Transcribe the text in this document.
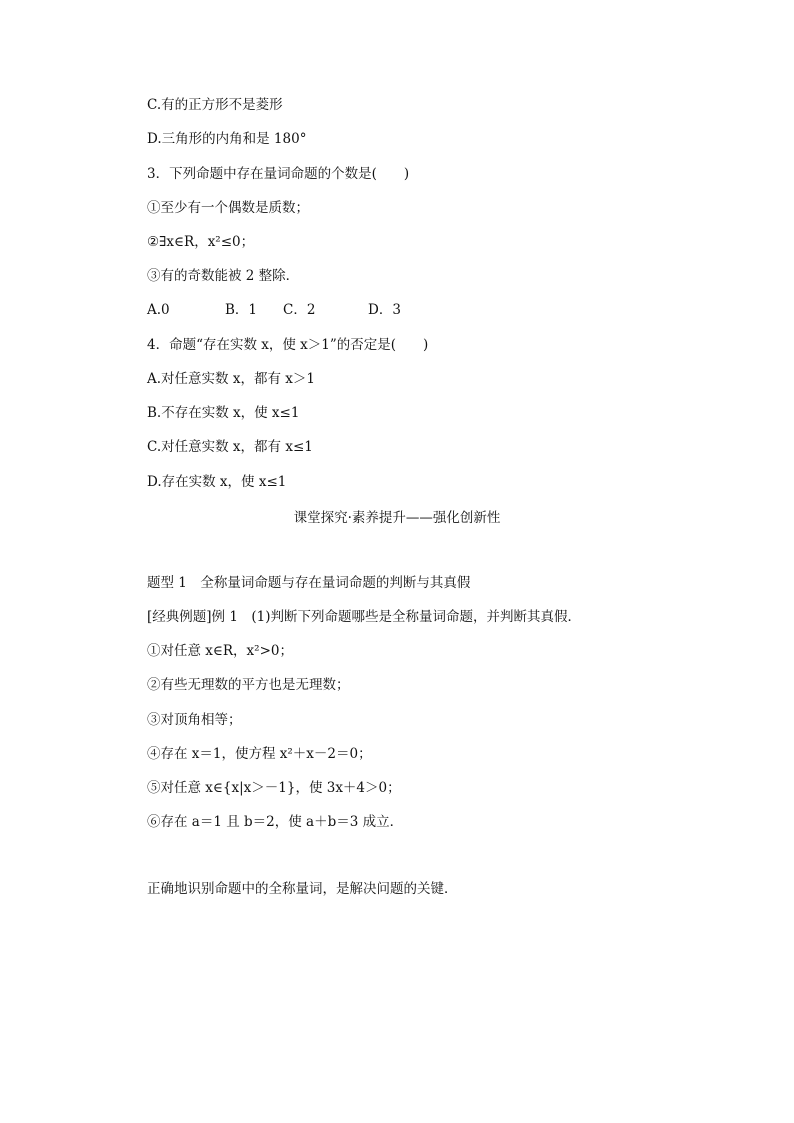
C.有的正方形不是菱形
D.三角形的内角和是 180°
3．下列命题中存在量词命题的个数是(　　)
①至少有一个偶数是质数；
②∃x∈R，x²≤0；
③有的奇数能被 2 整除．
A.0	B．1 C．2	D．3
4．命题“存在实数 x，使 x＞1”的否定是(　　)
A.对任意实数 x，都有 x＞1
B.不存在实数 x，使 x≤1
C.对任意实数 x，都有 x≤1
D.存在实数 x，使 x≤1
课堂探究·素养提升——强化创新性
题型 1　全称量词命题与存在量词命题的判断与其真假
[经典例题]例 1　(1)判断下列命题哪些是全称量词命题，并判断其真假．
①对任意 x∈R，x²>0；
②有些无理数的平方也是无理数；
③对顶角相等；
④存在 x＝1，使方程 x²＋x－2＝0；
⑤对任意 x∈{x|x＞－1}，使 3x＋4＞0；
⑥存在 a＝1 且 b＝2，使 a＋b＝3 成立．
正确地识别命题中的全称量词，是解决问题的关键．
